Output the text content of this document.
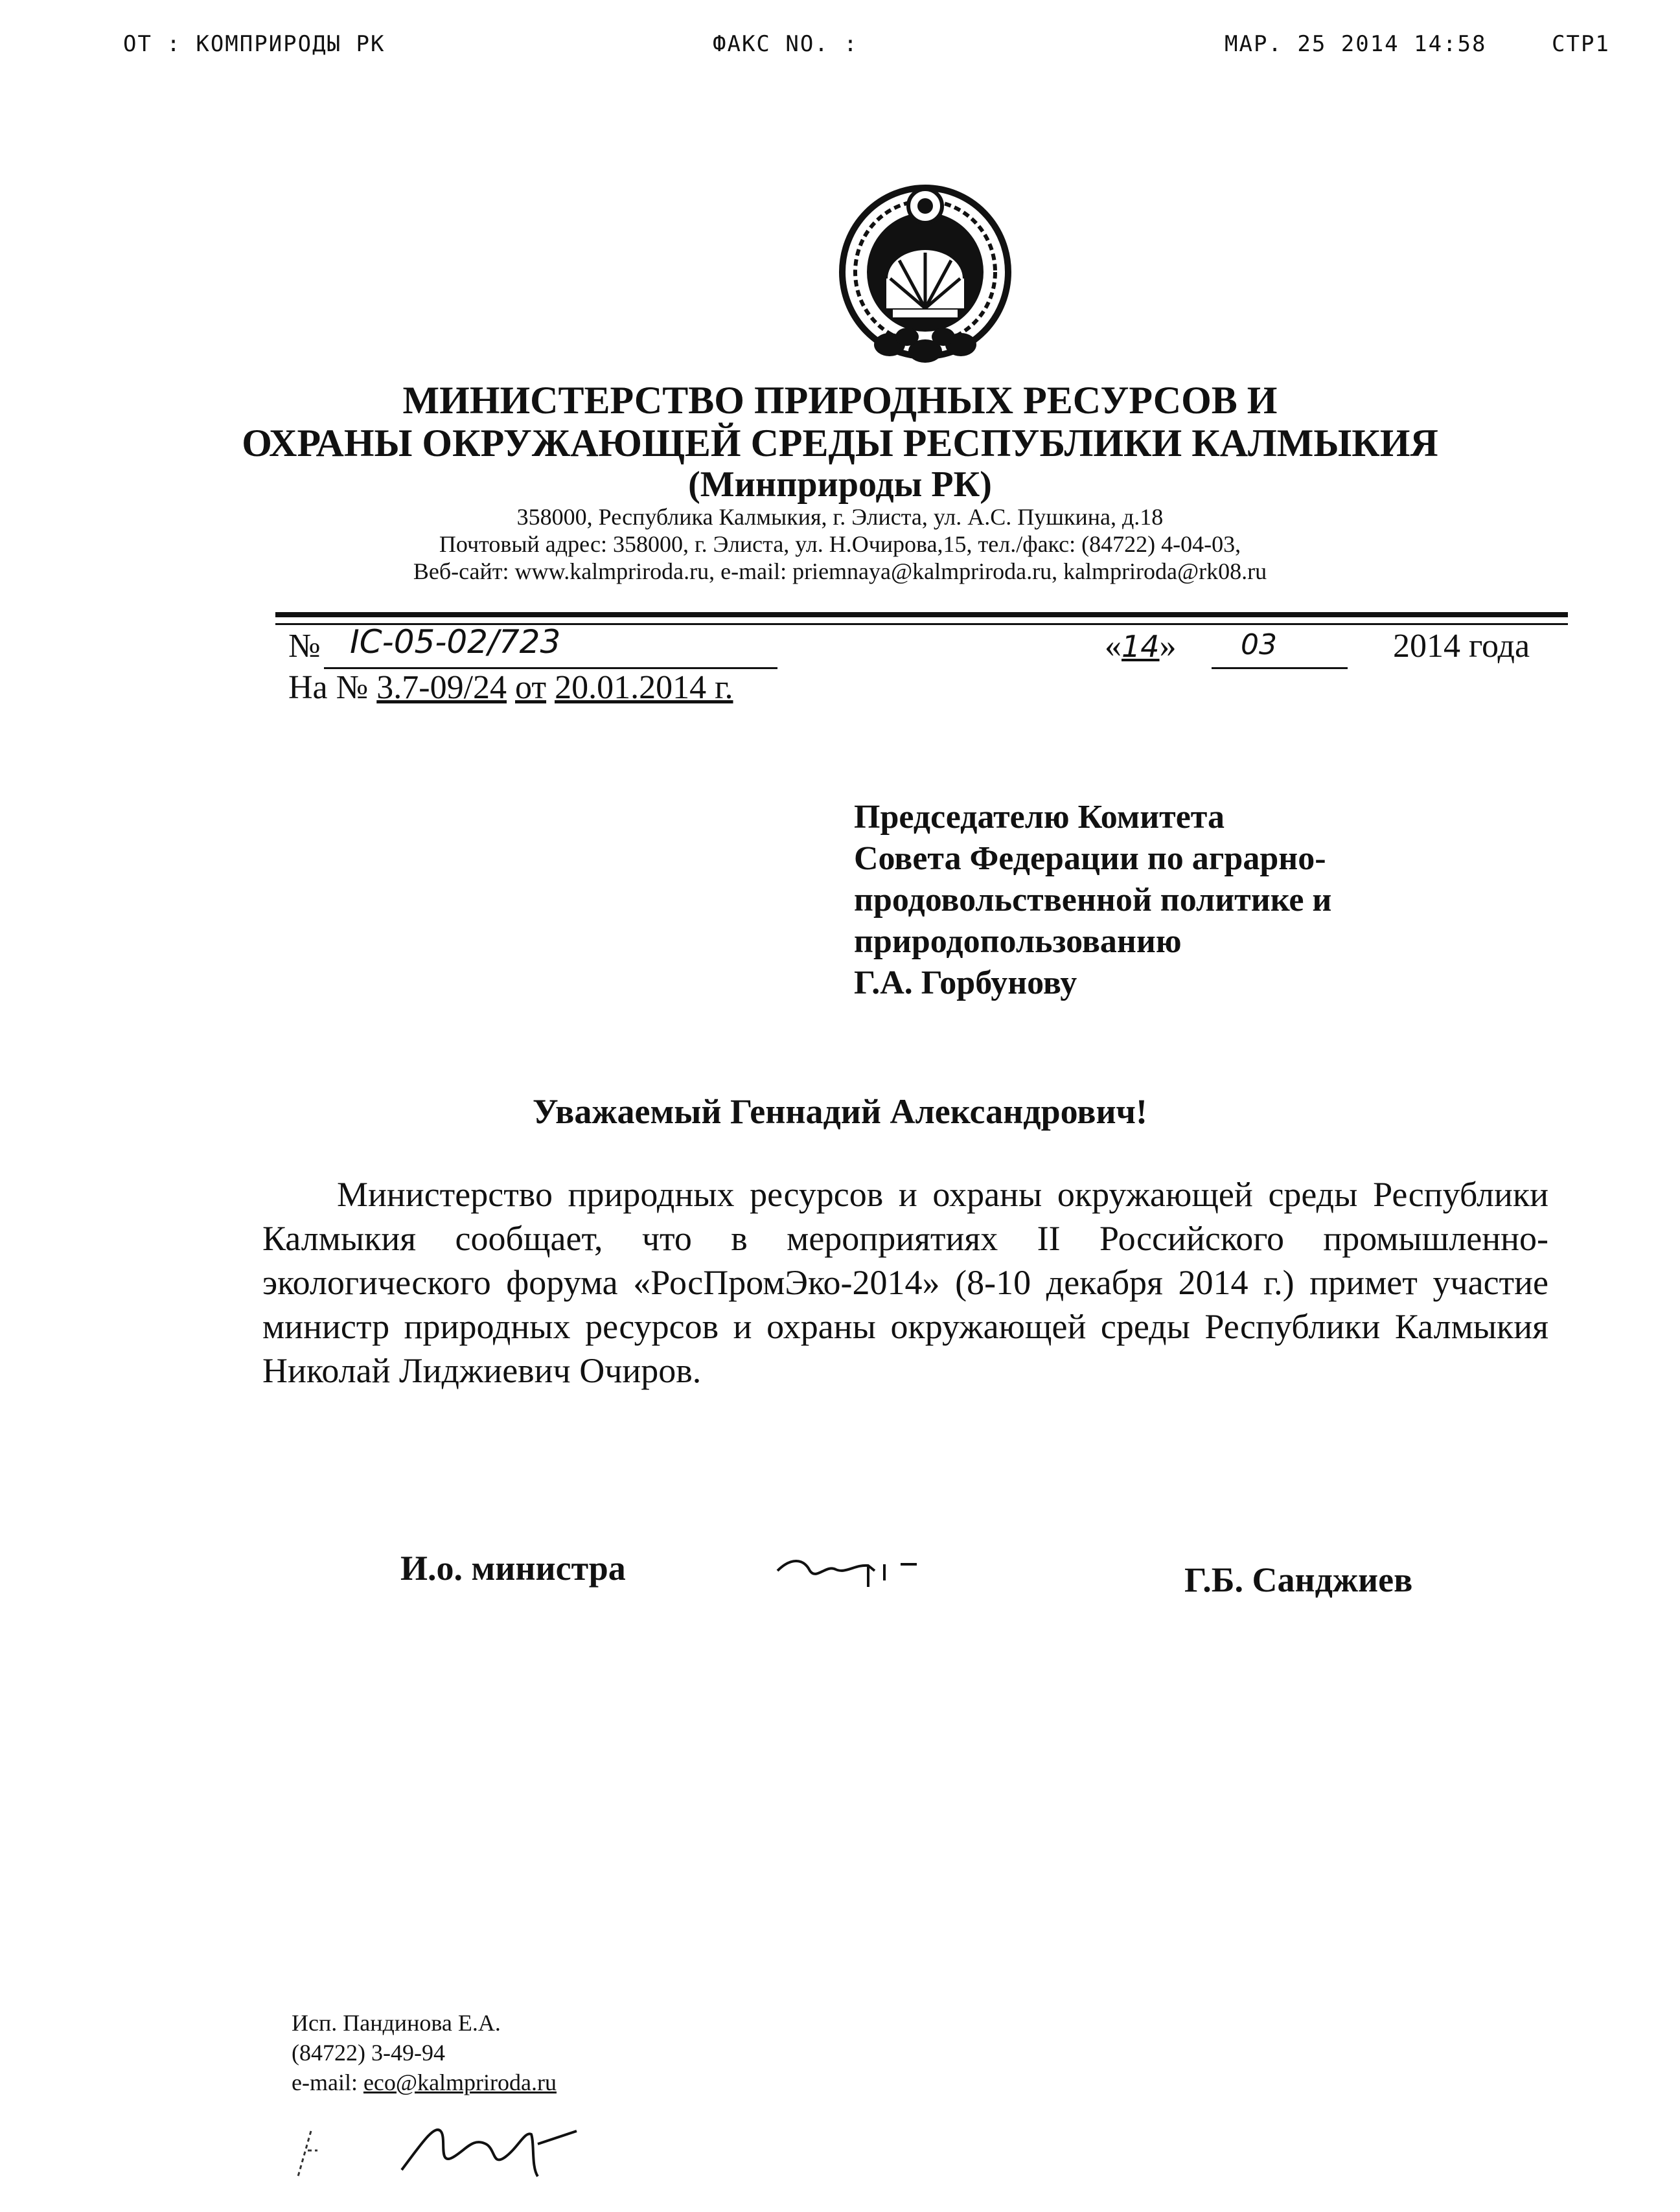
OT : КОМПРИРОДЫ РК	ФАКС NO. :	МАР. 25 2014 14:58	СТР1
МИНИСТЕРСТВО ПРИРОДНЫХ РЕСУРСОВ И
ОХРАНЫ ОКРУЖАЮЩЕЙ СРЕДЫ РЕСПУБЛИКИ КАЛМЫКИЯ
(Минприроды РК)
358000, Республика Калмыкия, г. Элиста, ул. А.С. Пушкина, д.18
Почтовый адрес: 358000, г. Элиста, ул. Н.Очирова,15, тел./факс: (84722) 4-04-03,
Веб-сайт: www.kalmpriroda.ru, e-mail: priemnaya@kalmpriroda.ru, kalmpriroda@rk08.ru
№ IC-05-02/723
На № 3.7-09/24 от 20.01.2014 г.
«14» 03	2014 года
Председателю Комитета
Совета Федерации по аграрно-
продовольственной политике и
природопользованию
Г.А. Горбунову
Уважаемый Геннадий Александрович!
Министерство природных ресурсов и охраны окружающей среды Республики Калмыкия сообщает, что в мероприятиях II Российского промышленно-экологического форума «РосПромЭко-2014» (8-10 декабря 2014 г.) примет участие министр природных ресурсов и охраны окружающей среды Республики Калмыкия Николай Лиджиевич Очиров.
И.о. министра	Г.Б. Санджиев
Исп. Пандинова Е.А.
(84722) 3-49-94
e-mail: eco@kalmpriroda.ru
